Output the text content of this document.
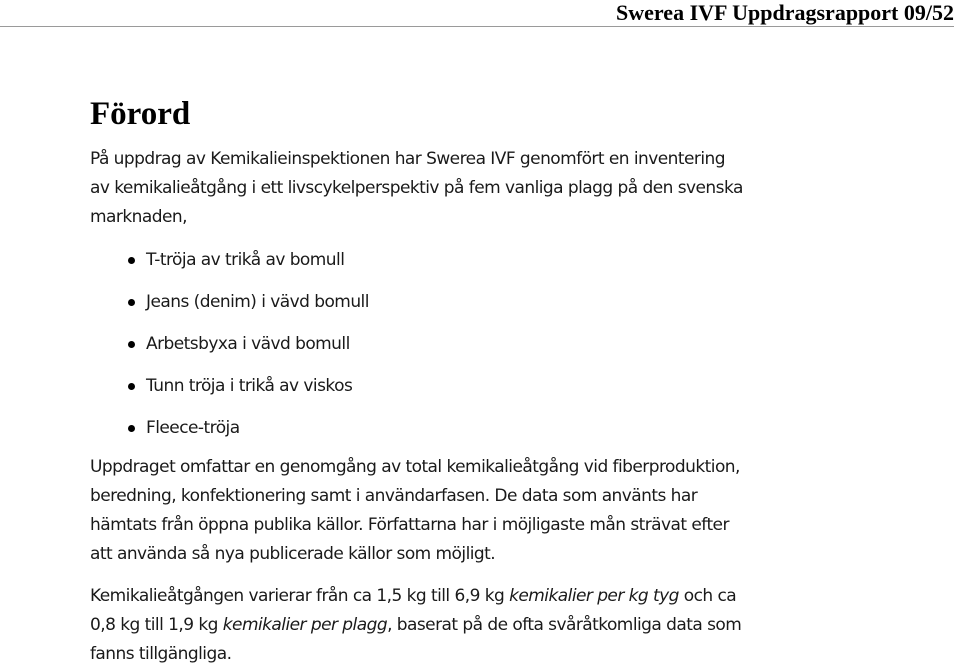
Swerea IVF Uppdragsrapport 09/52
Förord

På uppdrag av Kemikalieinspektionen har Swerea IVF genomfört en inventering
av kemikalieåtgång i ett livscykelperspektiv på fem vanliga plagg på den svenska
marknaden,

T-tröja av trikå av bomull
Jeans (denim) i vävd bomull
Arbetsbyxa i vävd bomull
Tunn tröja i trikå av viskos
Fleece-tröja

Uppdraget omfattar en genomgång av total kemikalieåtgång vid fiberproduktion,
beredning, konfektionering samt i användarfasen. De data som använts har
hämtats från öppna publika källor. Författarna har i möjligaste mån strävat efter
att använda så nya publicerade källor som möjligt.

Kemikalieåtgången varierar från ca 1,5 kg till 6,9 kg kemikalier per kg tyg och ca
0,8 kg till 1,9 kg kemikalier per plagg, baserat på de ofta svåråtkomliga data som
fanns tillgängliga.
